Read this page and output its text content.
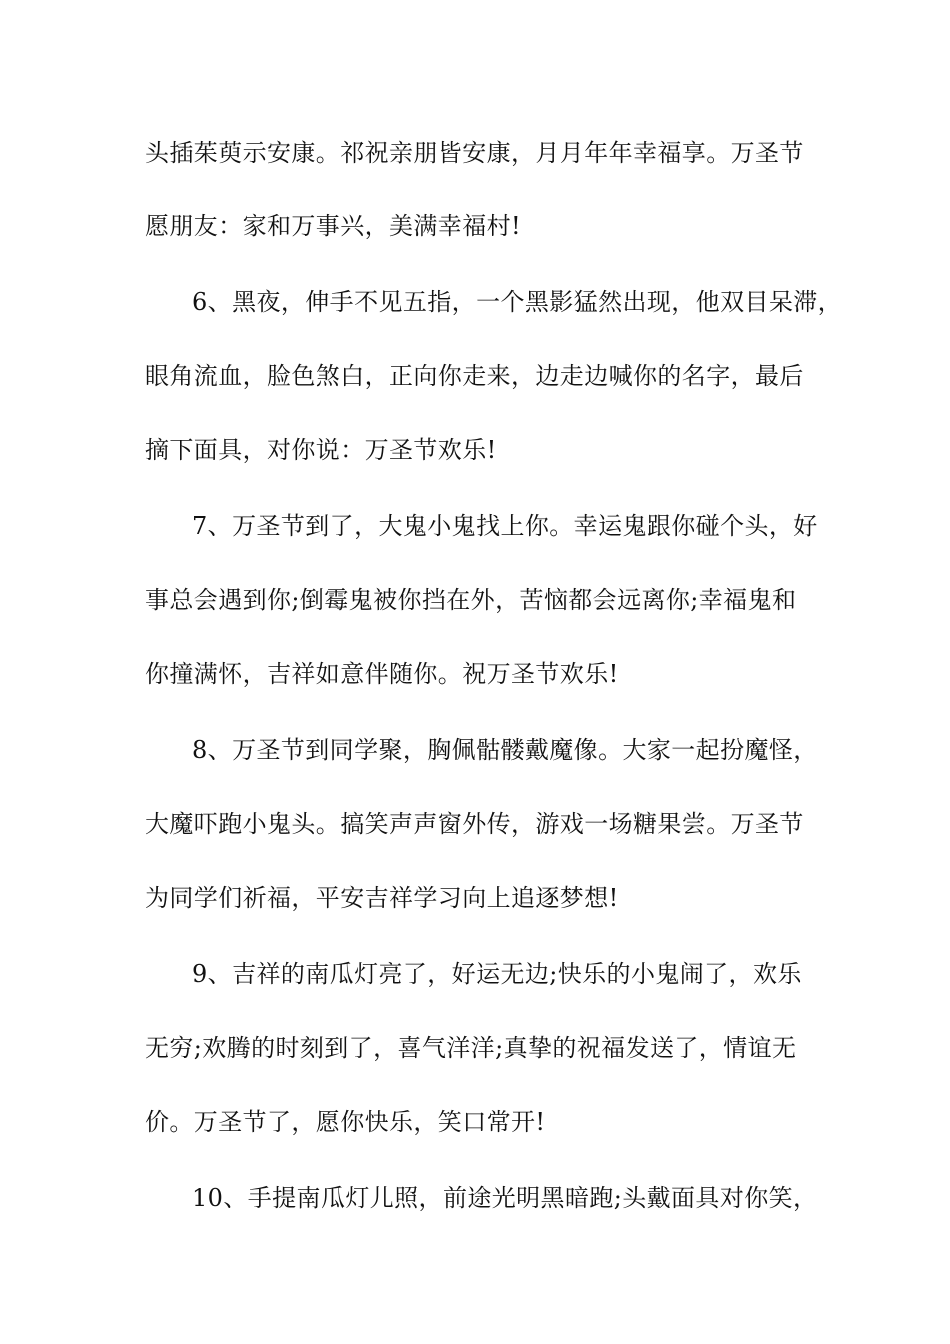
头插茱萸示安康。祁祝亲朋皆安康，月月年年幸福享。万圣节
愿朋友：家和万事兴，美满幸福村!
6、黑夜，伸手不见五指，一个黑影猛然出现，他双目呆滞，
眼角流血，脸色煞白，正向你走来，边走边喊你的名字，最后
摘下面具，对你说：万圣节欢乐!
7、万圣节到了，大鬼小鬼找上你。幸运鬼跟你碰个头，好
事总会遇到你;倒霉鬼被你挡在外，苦恼都会远离你;幸福鬼和
你撞满怀，吉祥如意伴随你。祝万圣节欢乐!
8、万圣节到同学聚，胸佩骷髅戴魔像。大家一起扮魔怪，
大魔吓跑小鬼头。搞笑声声窗外传，游戏一场糖果尝。万圣节
为同学们祈福，平安吉祥学习向上追逐梦想!
9、吉祥的南瓜灯亮了，好运无边;快乐的小鬼闹了，欢乐
无穷;欢腾的时刻到了，喜气洋洋;真挚的祝福发送了，情谊无
价。万圣节了，愿你快乐，笑口常开!
10、手提南瓜灯儿照，前途光明黑暗跑;头戴面具对你笑，
